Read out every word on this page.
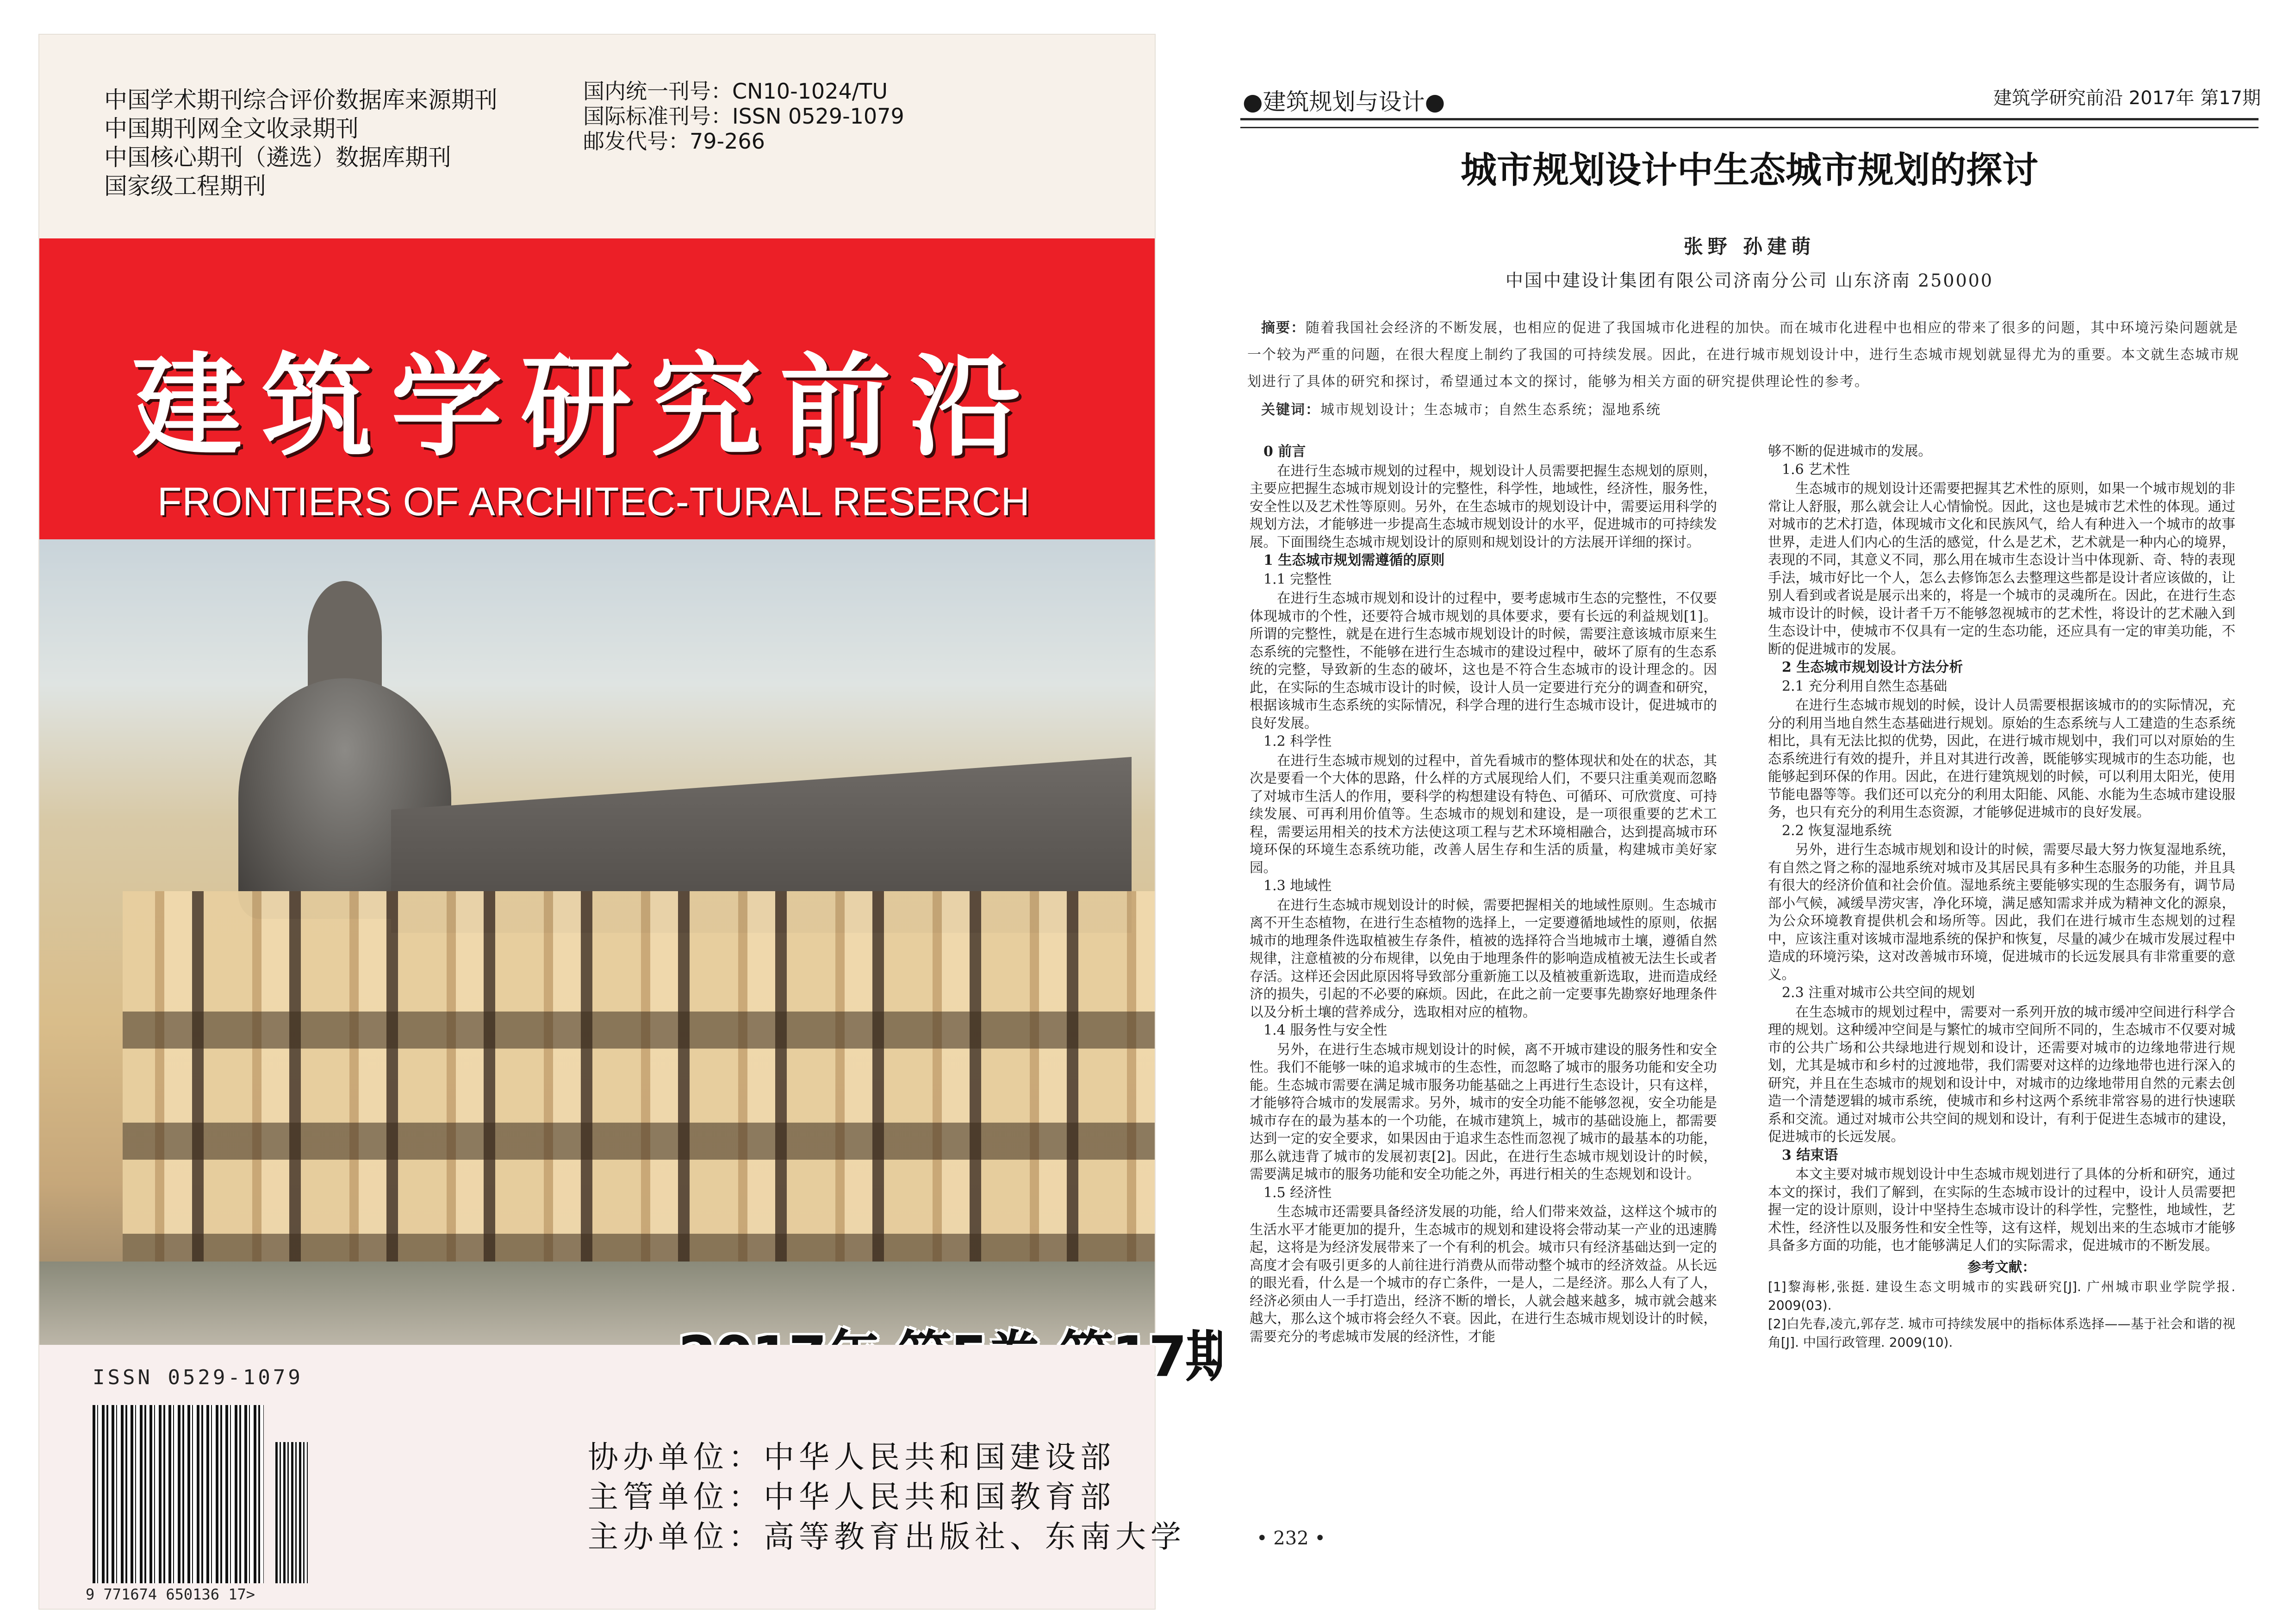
中国学术期刊综合评价数据库来源期刊
中国期刊网全文收录期刊
中国核心期刊（遴选）数据库期刊
国家级工程期刊
国内统一刊号：CN10-1024/TU
国际标准刊号：ISSN 0529-1079
邮发代号：79-266
建筑学研究前沿
FRONTIERS OF ARCHITEC-TURAL RESERCH
ISSN 0529-1079
9 771674 650136 17>
协办单位：中华人民共和国建设部
主管单位：中华人民共和国教育部
主办单位：高等教育出版社、东南大学
●建筑规划与设计●	建筑学研究前沿 2017年 第17期
城市规划设计中生态城市规划的探讨
张野 孙建萌
中国中建设计集团有限公司济南分公司 山东济南 250000
摘要：随着我国社会经济的不断发展，也相应的促进了我国城市化进程的加快。而在城市化进程中也相应的带来了很多的问题，其中环境污染问题就是一个较为严重的问题，在很大程度上制约了我国的可持续发展。因此，在进行城市规划设计中，进行生态城市规划就显得尤为的重要。本文就生态城市规划进行了具体的研究和探讨，希望通过本文的探讨，能够为相关方面的研究提供理论性的参考。
关键词：城市规划设计；生态城市；自然生态系统；湿地系统
0 前言

在进行生态城市规划的过程中，规划设计人员需要把握生态规划的原则，主要应把握生态城市规划设计的完整性，科学性，地域性，经济性，服务性，安全性以及艺术性等原则。另外，在生态城市的规划设计中，需要运用科学的规划方法，才能够进一步提高生态城市规划设计的水平，促进城市的可持续发展。下面围绕生态城市规划设计的原则和规划设计的方法展开详细的探讨。

1 生态城市规划需遵循的原则
1.1 完整性

在进行生态城市规划和设计的过程中，要考虑城市生态的完整性，不仅要体现城市的个性，还要符合城市规划的具体要求，要有长远的利益规划[1]。所谓的完整性，就是在进行生态城市规划设计的时候，需要注意该城市原来生态系统的完整性，不能够在进行生态城市的建设过程中，破坏了原有的生态系统的完整，导致新的生态的破坏，这也是不符合生态城市的设计理念的。因此，在实际的生态城市设计的时候，设计人员一定要进行充分的调查和研究，根据该城市生态系统的实际情况，科学合理的进行生态城市设计，促进城市的良好发展。

1.2 科学性

在进行生态城市规划的过程中，首先看城市的整体现状和处在的状态，其次是要看一个大体的思路，什么样的方式展现给人们，不要只注重美观而忽略了对城市生活人的作用，要科学的构想建设有特色、可循环、可欣赏度、可持续发展、可再利用价值等。生态城市的规划和建设，是一项很重要的艺术工程，需要运用相关的技术方法使这项工程与艺术环境相融合，达到提高城市环境环保的环境生态系统功能，改善人居生存和生活的质量，构建城市美好家园。

1.3 地域性

在进行生态城市规划设计的时候，需要把握相关的地域性原则。生态城市离不开生态植物，在进行生态植物的选择上，一定要遵循地域性的原则，依据城市的地理条件选取植被生存条件，植被的选择符合当地城市土壤，遵循自然规律，注意植被的分布规律，以免由于地理条件的影响造成植被无法生长或者存活。这样还会因此原因将导致部分重新施工以及植被重新选取，进而造成经济的损失，引起的不必要的麻烦。因此，在此之前一定要事先勘察好地理条件以及分析土壤的营养成分，选取相对应的植物。

1.4 服务性与安全性

另外，在进行生态城市规划设计的时候，离不开城市建设的服务性和安全性。我们不能够一味的追求城市的生态性，而忽略了城市的服务功能和安全功能。生态城市需要在满足城市服务功能基础之上再进行生态设计，只有这样，才能够符合城市的发展需求。另外，城市的安全功能不能够忽视，安全功能是城市存在的最为基本的一个功能，在城市建筑上，城市的基础设施上，都需要达到一定的安全要求，如果因由于追求生态性而忽视了城市的最基本的功能，那么就违背了城市的发展初衷[2]。因此，在进行生态城市规划设计的时候，需要满足城市的服务功能和安全功能之外，再进行相关的生态规划和设计。

1.5 经济性

生态城市还需要具备经济发展的功能，给人们带来效益，这样这个城市的生活水平才能更加的提升，生态城市的规划和建设将会带动某一产业的迅速腾起，这将是为经济发展带来了一个有利的机会。城市只有经济基础达到一定的高度才会有吸引更多的人前往进行消费从而带动整个城市的经济效益。从长远的眼光看，什么是一个城市的存亡条件，一是人，二是经济。那么人有了人，经济必须由人一手打造出，经济不断的增长，人就会越来越多，城市就会越来越大，那么这个城市将会经久不衰。因此，在进行生态城市规划设计的时候，需要充分的考虑城市发展的经济性，才能

够不断的促进城市的发展。

1.6 艺术性

生态城市的规划设计还需要把握其艺术性的原则，如果一个城市规划的非常让人舒服，那么就会让人心情愉悦。因此，这也是城市艺术性的体现。通过对城市的艺术打造，体现城市文化和民族风气，给人有种进入一个城市的故事世界，走进人们内心的生活的感觉，什么是艺术，艺术就是一种内心的境界，表现的不同，其意义不同，那么用在城市生态设计当中体现新、奇、特的表现手法，城市好比一个人，怎么去修饰怎么去整理这些都是设计者应该做的，让别人看到或者说是展示出来的，将是一个城市的灵魂所在。因此，在进行生态城市设计的时候，设计者千万不能够忽视城市的艺术性，将设计的艺术融入到生态设计中，使城市不仅具有一定的生态功能，还应具有一定的审美功能，不断的促进城市的发展。

2 生态城市规划设计方法分析
2.1 充分利用自然生态基础

在进行生态城市规划的时候，设计人员需要根据该城市的的实际情况，充分的利用当地自然生态基础进行规划。原始的生态系统与人工建造的生态系统相比，具有无法比拟的优势，因此，在进行城市规划中，我们可以对原始的生态系统进行有效的提升，并且对其进行改善，既能够实现城市的生态功能，也能够起到环保的作用。因此，在进行建筑规划的时候，可以利用太阳光，使用节能电器等等。我们还可以充分的利用太阳能、风能、水能为生态城市建设服务，也只有充分的利用生态资源，才能够促进城市的良好发展。

2.2 恢复湿地系统

另外，进行生态城市规划和设计的时候，需要尽最大努力恢复湿地系统，有自然之肾之称的湿地系统对城市及其居民具有多种生态服务的功能，并且具有很大的经济价值和社会价值。湿地系统主要能够实现的生态服务有，调节局部小气候，减缓旱涝灾害，净化环境，满足感知需求并成为精神文化的源泉，为公众环境教育提供机会和场所等。因此，我们在进行城市生态规划的过程中，应该注重对该城市湿地系统的保护和恢复，尽量的减少在城市发展过程中造成的环境污染，这对改善城市环境，促进城市的长远发展具有非常重要的意义。

2.3 注重对城市公共空间的规划

在生态城市的规划过程中，需要对一系列开放的城市缓冲空间进行科学合理的规划。这种缓冲空间是与繁忙的城市空间所不同的，生态城市不仅要对城市的公共广场和公共绿地进行规划和设计，还需要对城市的边缘地带进行规划，尤其是城市和乡村的过渡地带，我们需要对这样的边缘地带也进行深入的研究，并且在生态城市的规划和设计中，对城市的边缘地带用自然的元素去创造一个清楚逻辑的城市系统，使城市和乡村这两个系统非常容易的进行快速联系和交流。通过对城市公共空间的规划和设计，有利于促进生态城市的建设，促进城市的长远发展。

3 结束语

本文主要对城市规划设计中生态城市规划进行了具体的分析和研究，通过本文的探讨，我们了解到，在实际的生态城市设计的过程中，设计人员需要把握一定的设计原则，设计中坚持生态城市设计的科学性，完整性，地域性，艺术性，经济性以及服务性和安全性等，这有这样，规划出来的生态城市才能够具备多方面的功能，也才能够满足人们的实际需求，促进城市的不断发展。

参考文献：

[1]黎海彬,张挺. 建设生态文明城市的实践研究[J]. 广州城市职业学院学报. 2009(03).

[2]白先春,凌亢,郭存芝. 城市可持续发展中的指标体系选择——基于社会和谐的视角[J]. 中国行政管理. 2009(10).

• 232 •
